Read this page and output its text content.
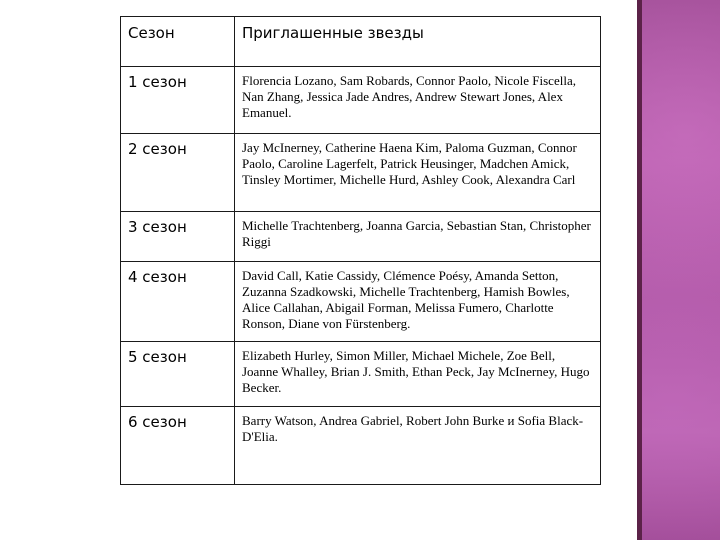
Сезон	Приглашенные звезды
1 сезон	Florencia Lozano, Sam Robards, Connor Paolo, Nicole Fiscella, Nan Zhang, Jessica Jade Andres, Andrew Stewart Jones, Alex Emanuel.
2 сезон	Jay McInerney, Catherine Haena Kim, Paloma Guzman, Connor Paolo, Caroline Lagerfelt, Patrick Heusinger, Madchen Amick, Tinsley Mortimer, Michelle Hurd, Ashley Cook, Alexandra Carl
3 сезон	Michelle Trachtenberg, Joanna Garcia, Sebastian Stan, Christopher Riggi
4 сезон	David Call, Katie Cassidy, Clémence Poésy, Amanda Setton, Zuzanna Szadkowski, Michelle Trachtenberg, Hamish Bowles, Alice Callahan, Abigail Forman, Melissa Fumero, Charlotte Ronson, Diane von Fürstenberg.
5 сезон	Elizabeth Hurley, Simon Miller, Michael Michele, Zoe Bell, Joanne Whalley, Brian J. Smith, Ethan Peck, Jay McInerney, Hugo Becker.
6 сезон	Barry Watson, Andrea Gabriel, Robert John Burke и Sofia Black-D'Elia.
